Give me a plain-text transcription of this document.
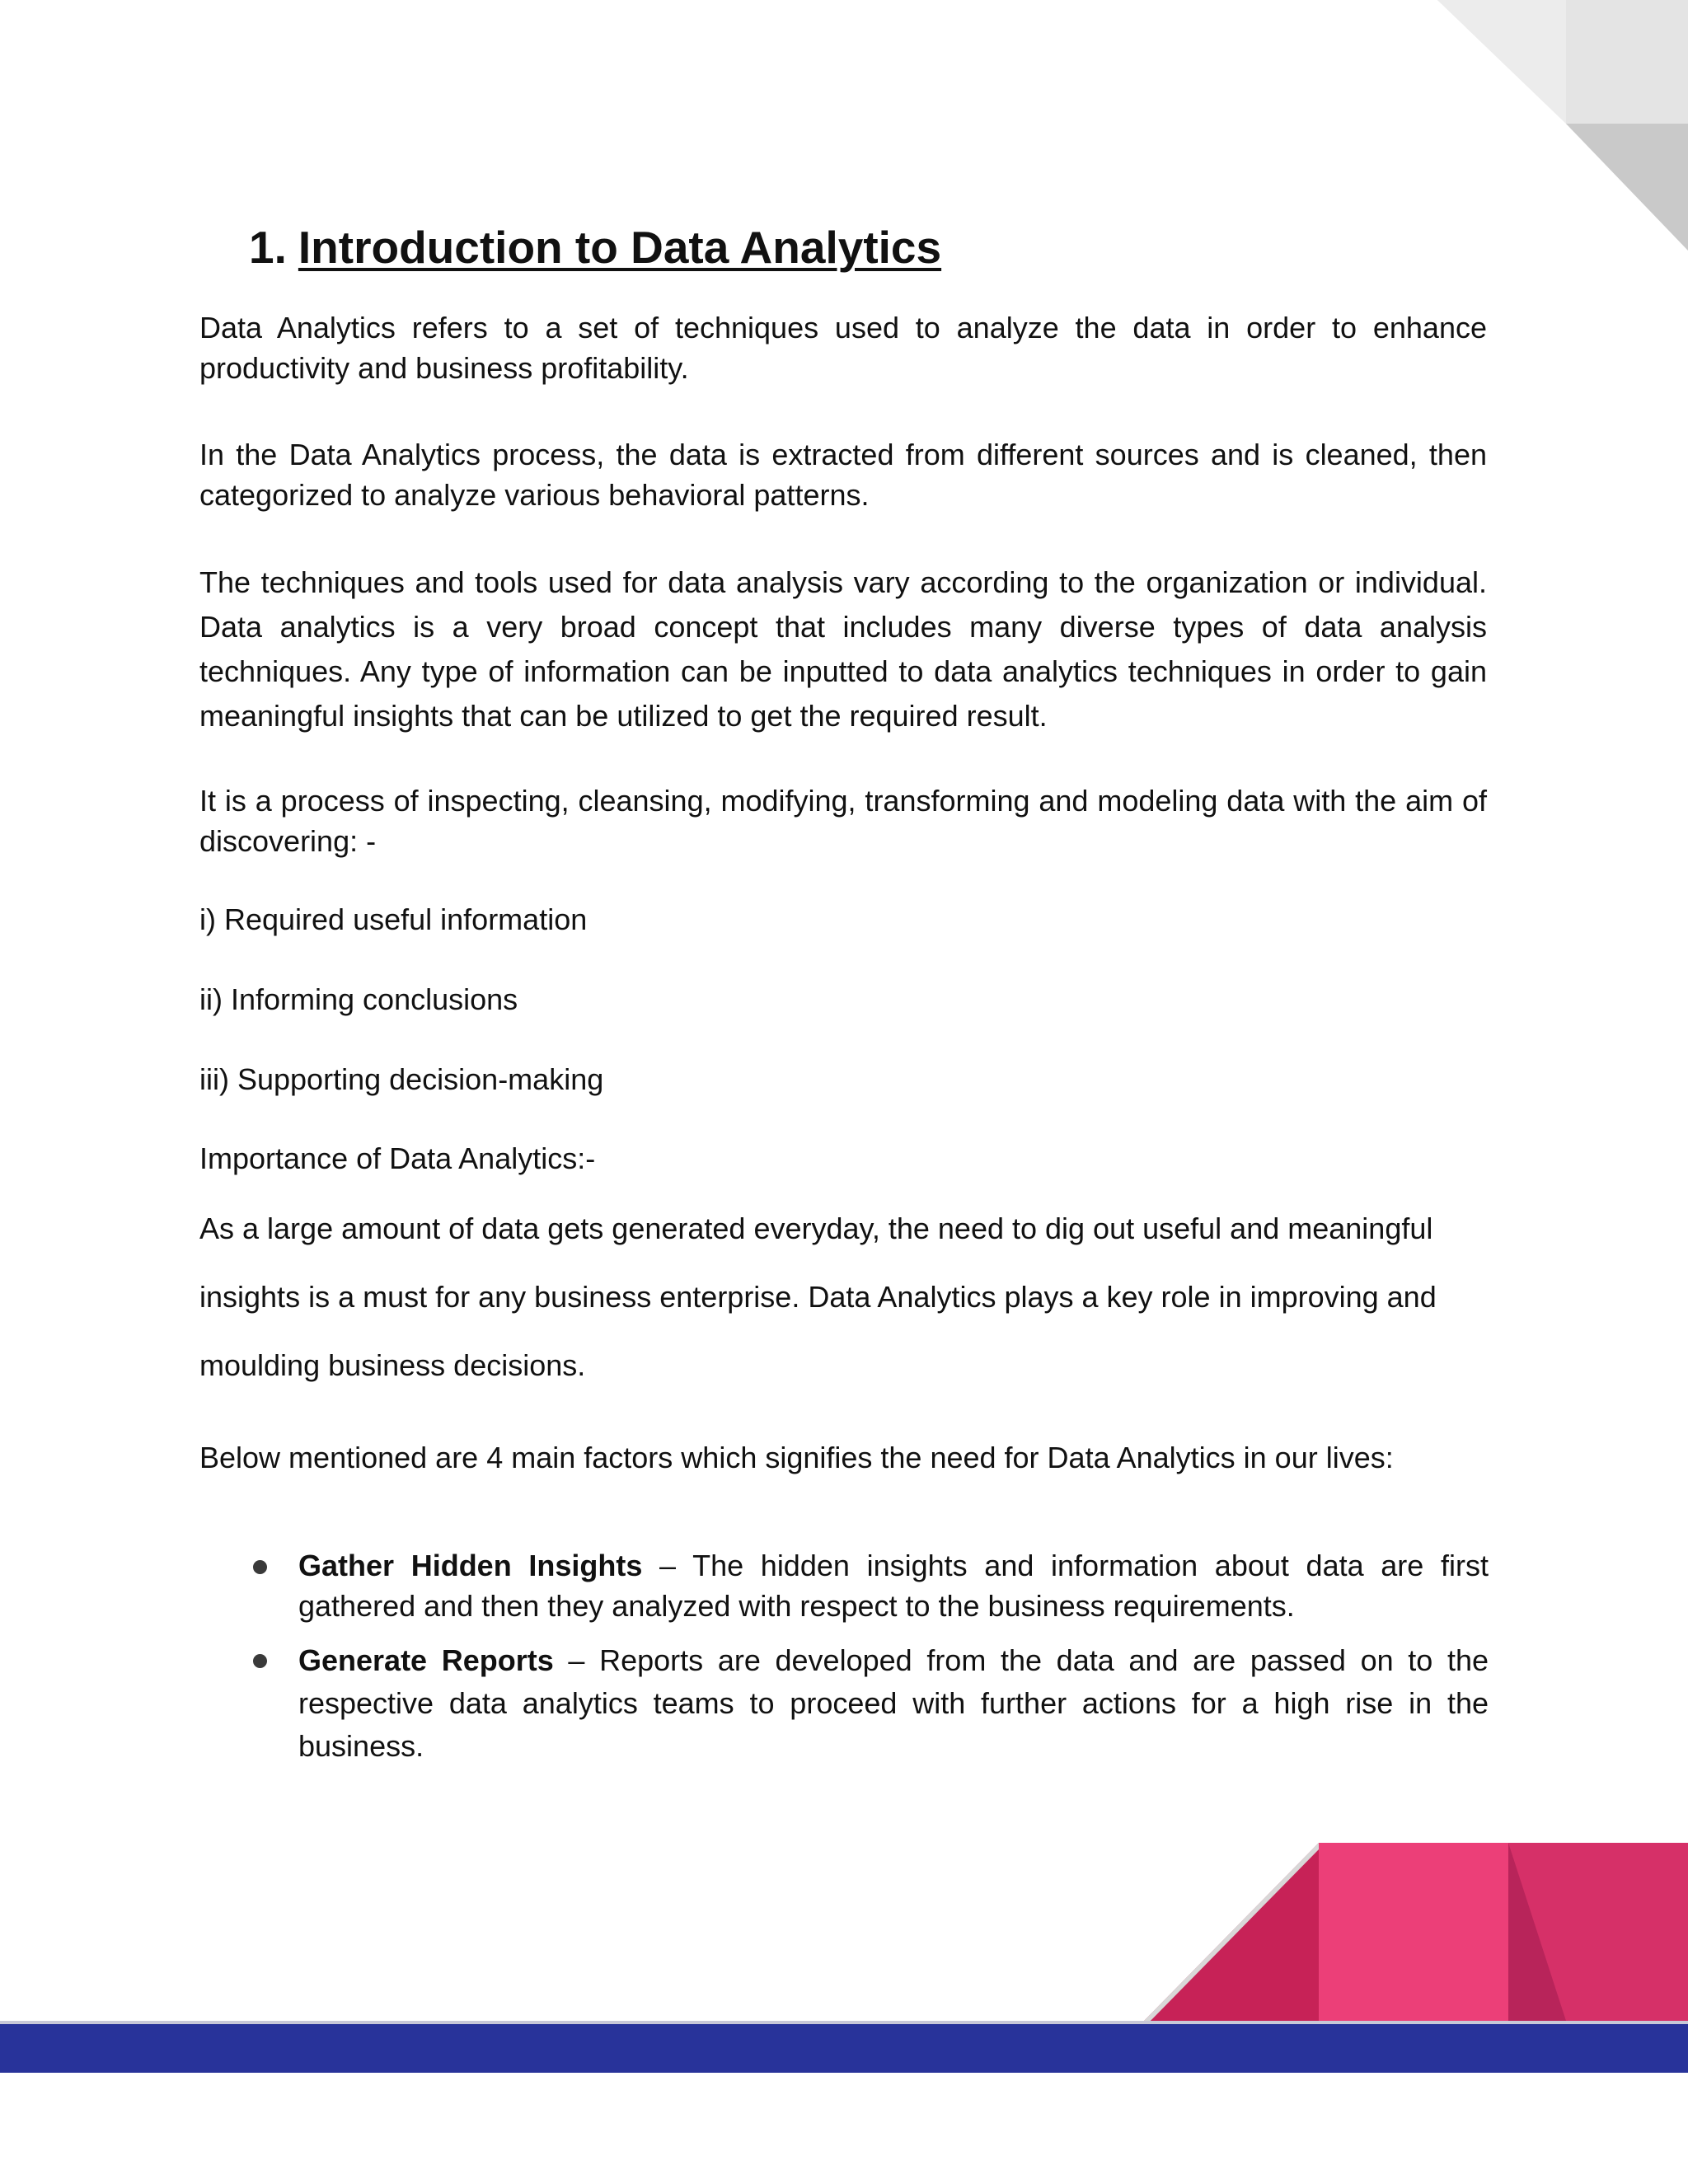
1. Introduction to Data Analytics

Data Analytics refers to a set of techniques used to analyze the data in order to enhance productivity and business profitability.

In the Data Analytics process, the data is extracted from different sources and is cleaned, then categorized to analyze various behavioral patterns.

The techniques and tools used for data analysis vary according to the organization or individual. Data analytics is a very broad concept that includes many diverse types of data analysis techniques. Any type of information can be inputted to data analytics techniques in order to gain meaningful insights that can be utilized to get the required result.

It is a process of inspecting, cleansing, modifying, transforming and modeling data with the aim of discovering: -

i) Required useful information
ii) Informing conclusions
iii) Supporting decision-making
Importance of Data Analytics:-

As a large amount of data gets generated everyday, the need to dig out useful and meaningful insights is a must for any business enterprise. Data Analytics plays a key role in improving and moulding business decisions.

Below mentioned are 4 main factors which signifies the need for Data Analytics in our lives:

Gather Hidden Insights – The hidden insights and information about data are first gathered and then they analyzed with respect to the business requirements.

Generate Reports – Reports are developed from the data and are passed on to the respective data analytics teams to proceed with further actions for a high rise in the business.
